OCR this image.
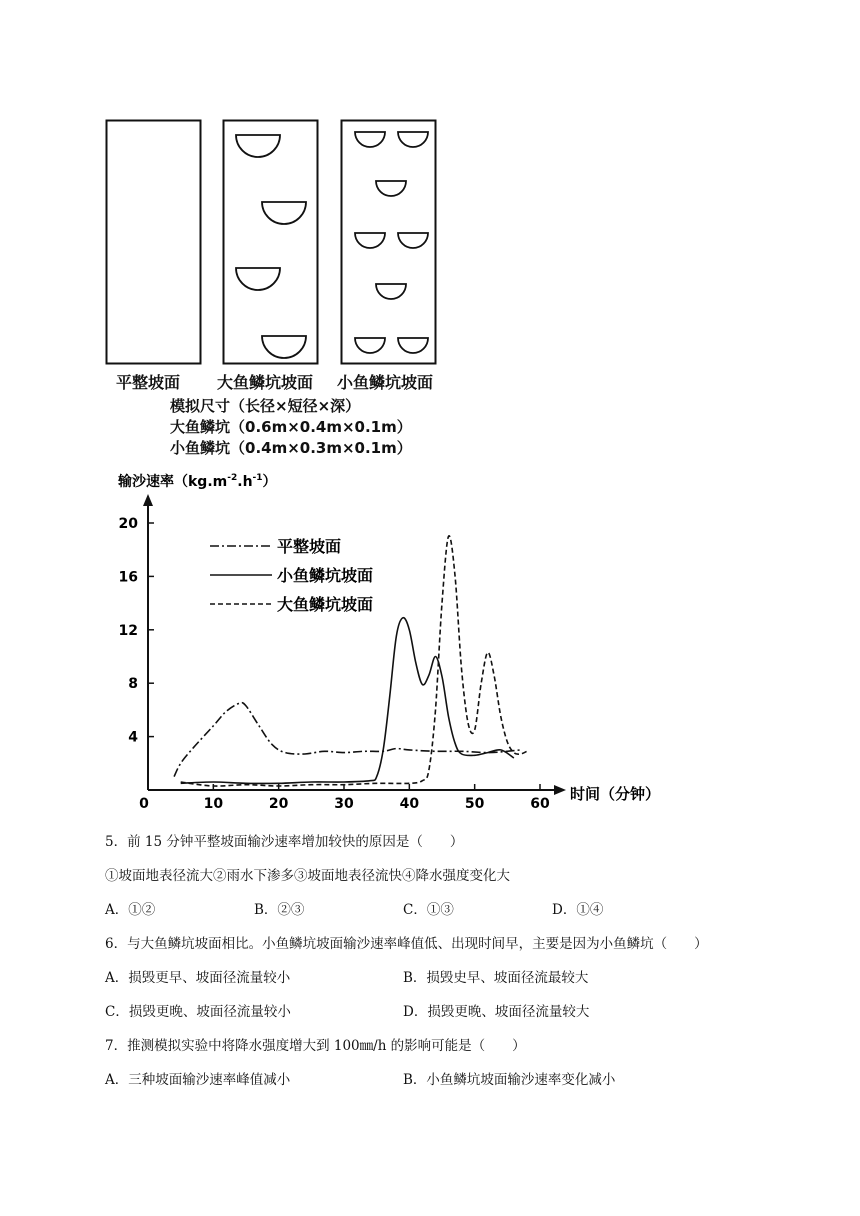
平整坡面 大鱼鳞坑坡面 小鱼鳞坑坡面
模拟尺寸（长径×短径×深）
大鱼鳞坑（0.6m×0.4m×0.1m）
小鱼鳞坑（0.4m×0.3m×0.1m）
输沙速率$(kg.m^{-2}.h^{-1})$
4
8
12
16
20
0	10	20	30	40	50	60
平整坡面
小鱼鳞坑坡面
大鱼鳞坑坡面
时间（分钟）
5．前 15 分钟平整坡面输沙速率增加较快的原因是（　　）
①坡面地表径流大②雨水下渗多③坡面地表径流快④降水强度变化大
A．①②	B．②③	C．①③	D．①④
6．与大鱼鳞坑坡面相比。小鱼鳞坑坡面输沙速率峰值低、出现时间早，主要是因为小鱼鳞坑（　　）
A．损毁更早、坡面径流量较小	B．损毁史早、坡面径流最较大
C．损毁更晚、坡面径流量较小	D．损毁更晚、坡面径流量较大
7．推测模拟实验中将降水强度增大到 100㎜/h 的影响可能是（　　）
A．三种坡面输沙速率峰值减小	B．小鱼鳞坑坡面输沙速率变化减小
